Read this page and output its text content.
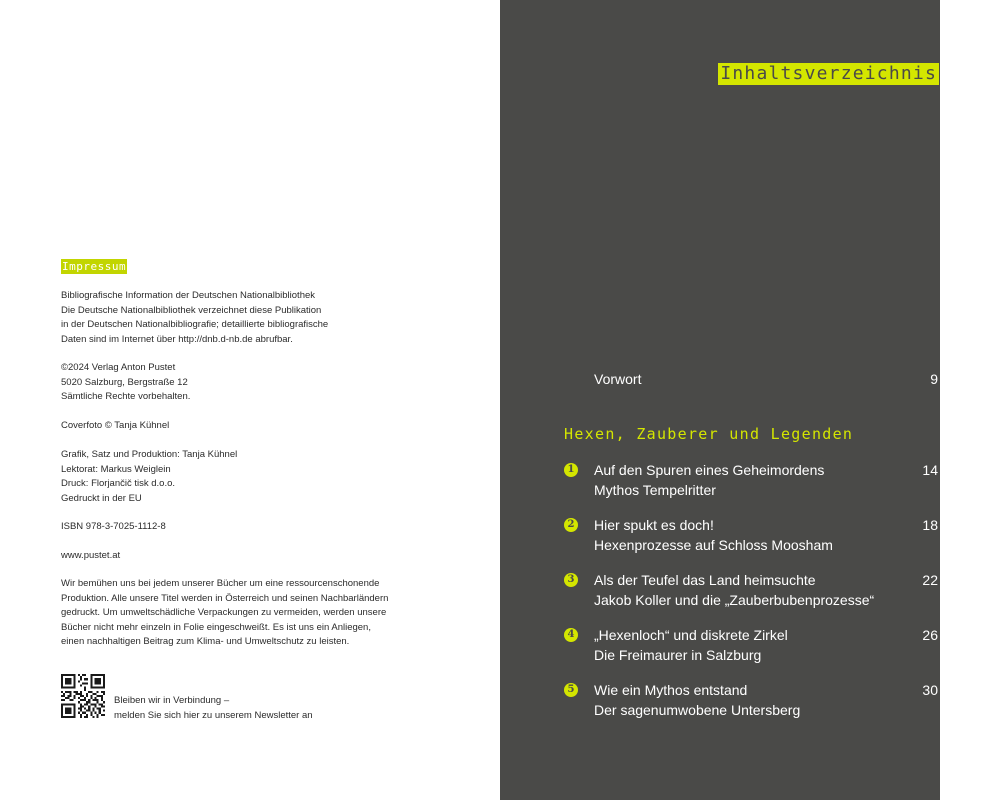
Impressum
Bibliografische Information der Deutschen Nationalbibliothek
Die Deutsche Nationalbibliothek verzeichnet diese Publikation
in der Deutschen Nationalbibliografie; detaillierte bibliografische
Daten sind im Internet über http://dnb.d-nb.de abrufbar.
©2024 Verlag Anton Pustet
5020 Salzburg, Bergstraße 12
Sämtliche Rechte vorbehalten.
Coverfoto © Tanja Kühnel
Grafik, Satz und Produktion: Tanja Kühnel
Lektorat: Markus Weiglein
Druck: Florjančič tisk d.o.o.
Gedruckt in der EU
ISBN 978-3-7025-1112-8
www.pustet.at
Wir bemühen uns bei jedem unserer Bücher um eine ressourcenschonende
Produktion. Alle unsere Titel werden in Österreich und seinen Nachbarländern
gedruckt. Um umweltschädliche Verpackungen zu vermeiden, werden unsere
Bücher nicht mehr einzeln in Folie eingeschweißt. Es ist uns ein Anliegen,
einen nachhaltigen Beitrag zum Klima- und Umweltschutz zu leisten.
Bleiben wir in Verbindung –
melden Sie sich hier zu unserem Newsletter an
Inhaltsverzeichnis
Vorwort	9
Hexen, Zauberer und Legenden
1 Auf den Spuren eines Geheimordens
Mythos Tempelritter
14
2 Hier spukt es doch!
Hexenprozesse auf Schloss Moosham
18
3 Als der Teufel das Land heimsuchte
Jakob Koller und die „Zauberbubenprozesse“
22
4 „Hexenloch“ und diskrete Zirkel
Die Freimaurer in Salzburg
26
5 Wie ein Mythos entstand
Der sagenumwobene Untersberg
30
